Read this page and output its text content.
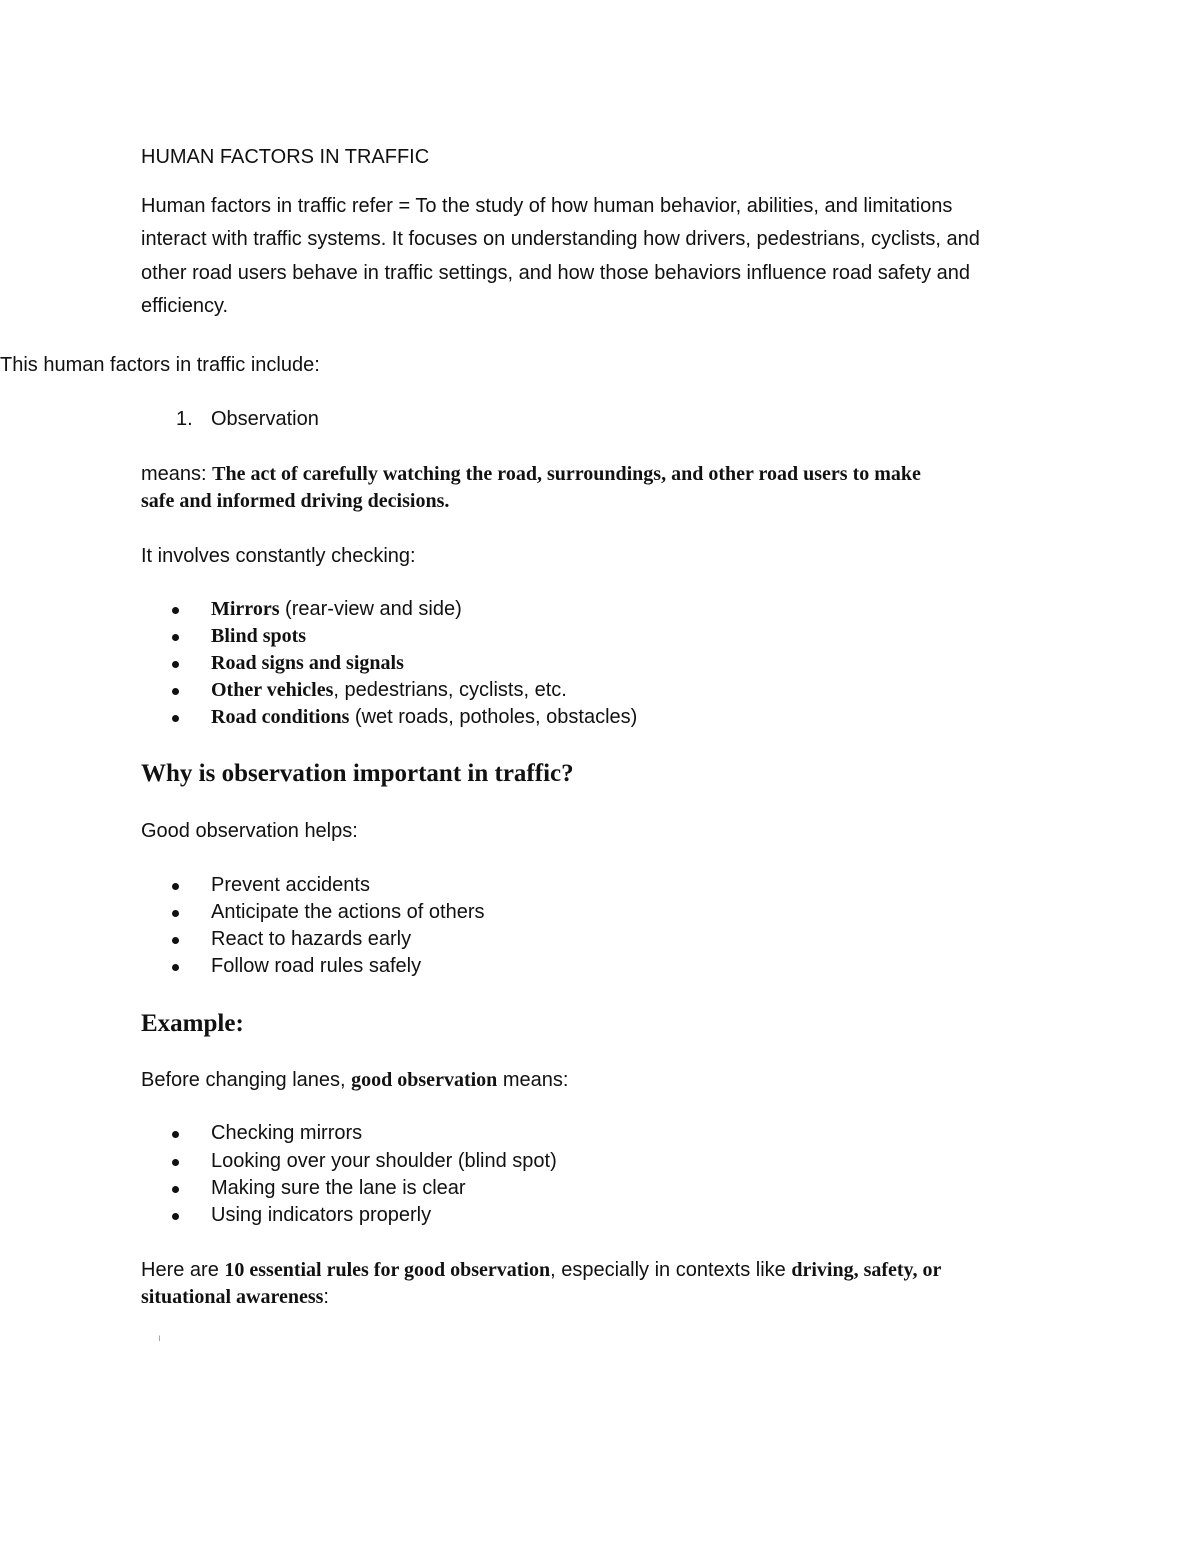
HUMAN FACTORS IN TRAFFIC

Human factors in traffic refer = To the study of how human behavior, abilities, and limitations

interact with traffic systems. It focuses on understanding how drivers, pedestrians, cyclists, and

other road users behave in traffic settings, and how those behaviors influence road safety and

efficiency.

This human factors in traffic include:

1. Observation

means: The act of carefully watching the road, surroundings, and other road users to make

safe and informed driving decisions.

It involves constantly checking:

Mirrors (rear-view and side)

Blind spots

Road signs and signals

Other vehicles, pedestrians, cyclists, etc.

Road conditions (wet roads, potholes, obstacles)

Why is observation important in traffic?

Good observation helps:

Prevent accidents

Anticipate the actions of others

React to hazards early

Follow road rules safely

Example:

Before changing lanes, good observation means:

Checking mirrors

Looking over your shoulder (blind spot)

Making sure the lane is clear

Using indicators properly

Here are 10 essential rules for good observation, especially in contexts like driving, safety, or

situational awareness:

ı
